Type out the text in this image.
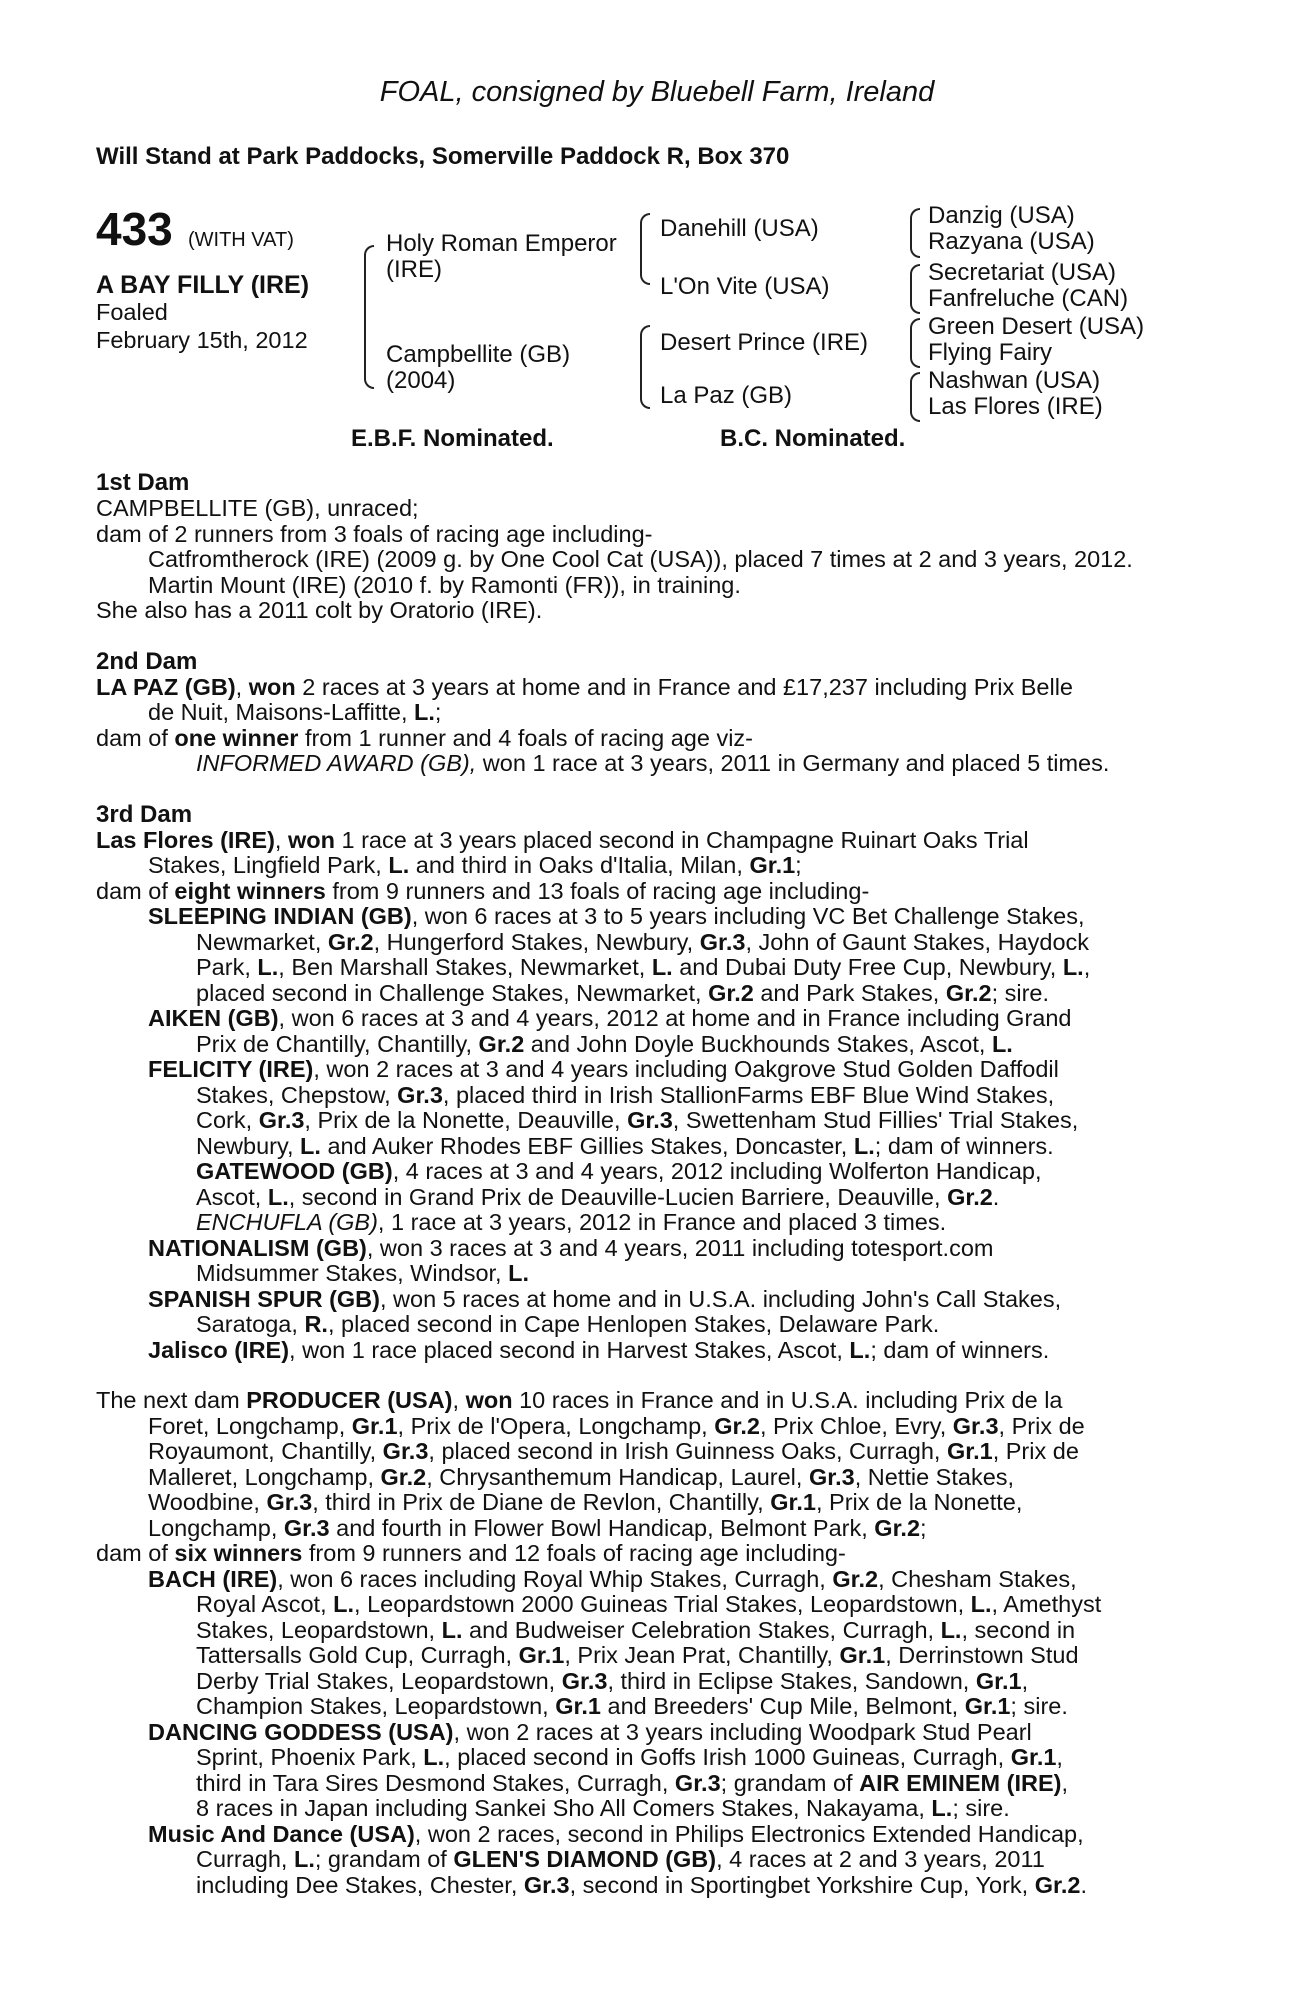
FOAL, consigned by Bluebell Farm, Ireland
Will Stand at Park Paddocks, Somerville Paddock R, Box 370
433 (WITH VAT)
A BAY FILLY (IRE)
Foaled
February 15th, 2012
Holy Roman Emperor
(IRE)
Campbellite (GB)
(2004)
Danehill (USA)
L'On Vite (USA)
Desert Prince (IRE)
La Paz (GB)
Danzig (USA)
Razyana (USA)
Secretariat (USA)
Fanfreluche (CAN)
Green Desert (USA)
Flying Fairy
Nashwan (USA)
Las Flores (IRE)
E.B.F. Nominated.	B.C. Nominated.

1st Dam

CAMPBELLITE (GB), unraced;

dam of 2 runners from 3 foals of racing age including-

Catfromtherock (IRE) (2009 g. by One Cool Cat (USA)), placed 7 times at 2 and 3 years, 2012.

Martin Mount (IRE) (2010 f. by Ramonti (FR)), in training.

She also has a 2011 colt by Oratorio (IRE).

2nd Dam

LA PAZ (GB), won 2 races at 3 years at home and in France and £17,237 including Prix Belle

de Nuit, Maisons-Laffitte, L.;

dam of one winner from 1 runner and 4 foals of racing age viz-

INFORMED AWARD (GB), won 1 race at 3 years, 2011 in Germany and placed 5 times.

3rd Dam

Las Flores (IRE), won 1 race at 3 years placed second in Champagne Ruinart Oaks Trial

Stakes, Lingfield Park, L. and third in Oaks d'Italia, Milan, Gr.1;

dam of eight winners from 9 runners and 13 foals of racing age including-

SLEEPING INDIAN (GB), won 6 races at 3 to 5 years including VC Bet Challenge Stakes,

Newmarket, Gr.2, Hungerford Stakes, Newbury, Gr.3, John of Gaunt Stakes, Haydock

Park, L., Ben Marshall Stakes, Newmarket, L. and Dubai Duty Free Cup, Newbury, L.,

placed second in Challenge Stakes, Newmarket, Gr.2 and Park Stakes, Gr.2; sire.

AIKEN (GB), won 6 races at 3 and 4 years, 2012 at home and in France including Grand

Prix de Chantilly, Chantilly, Gr.2 and John Doyle Buckhounds Stakes, Ascot, L.

FELICITY (IRE), won 2 races at 3 and 4 years including Oakgrove Stud Golden Daffodil

Stakes, Chepstow, Gr.3, placed third in Irish StallionFarms EBF Blue Wind Stakes,

Cork, Gr.3, Prix de la Nonette, Deauville, Gr.3, Swettenham Stud Fillies' Trial Stakes,

Newbury, L. and Auker Rhodes EBF Gillies Stakes, Doncaster, L.; dam of winners.

GATEWOOD (GB), 4 races at 3 and 4 years, 2012 including Wolferton Handicap,

Ascot, L., second in Grand Prix de Deauville-Lucien Barriere, Deauville, Gr.2.

ENCHUFLA (GB), 1 race at 3 years, 2012 in France and placed 3 times.

NATIONALISM (GB), won 3 races at 3 and 4 years, 2011 including totesport.com

Midsummer Stakes, Windsor, L.

SPANISH SPUR (GB), won 5 races at home and in U.S.A. including John's Call Stakes,

Saratoga, R., placed second in Cape Henlopen Stakes, Delaware Park.

Jalisco (IRE), won 1 race placed second in Harvest Stakes, Ascot, L.; dam of winners.

The next dam PRODUCER (USA), won 10 races in France and in U.S.A. including Prix de la

Foret, Longchamp, Gr.1, Prix de l'Opera, Longchamp, Gr.2, Prix Chloe, Evry, Gr.3, Prix de

Royaumont, Chantilly, Gr.3, placed second in Irish Guinness Oaks, Curragh, Gr.1, Prix de

Malleret, Longchamp, Gr.2, Chrysanthemum Handicap, Laurel, Gr.3, Nettie Stakes,

Woodbine, Gr.3, third in Prix de Diane de Revlon, Chantilly, Gr.1, Prix de la Nonette,

Longchamp, Gr.3 and fourth in Flower Bowl Handicap, Belmont Park, Gr.2;

dam of six winners from 9 runners and 12 foals of racing age including-

BACH (IRE), won 6 races including Royal Whip Stakes, Curragh, Gr.2, Chesham Stakes,

Royal Ascot, L., Leopardstown 2000 Guineas Trial Stakes, Leopardstown, L., Amethyst

Stakes, Leopardstown, L. and Budweiser Celebration Stakes, Curragh, L., second in

Tattersalls Gold Cup, Curragh, Gr.1, Prix Jean Prat, Chantilly, Gr.1, Derrinstown Stud

Derby Trial Stakes, Leopardstown, Gr.3, third in Eclipse Stakes, Sandown, Gr.1,

Champion Stakes, Leopardstown, Gr.1 and Breeders' Cup Mile, Belmont, Gr.1; sire.

DANCING GODDESS (USA), won 2 races at 3 years including Woodpark Stud Pearl

Sprint, Phoenix Park, L., placed second in Goffs Irish 1000 Guineas, Curragh, Gr.1,

third in Tara Sires Desmond Stakes, Curragh, Gr.3; grandam of AIR EMINEM (IRE),

8 races in Japan including Sankei Sho All Comers Stakes, Nakayama, L.; sire.

Music And Dance (USA), won 2 races, second in Philips Electronics Extended Handicap,

Curragh, L.; grandam of GLEN'S DIAMOND (GB), 4 races at 2 and 3 years, 2011

including Dee Stakes, Chester, Gr.3, second in Sportingbet Yorkshire Cup, York, Gr.2.
